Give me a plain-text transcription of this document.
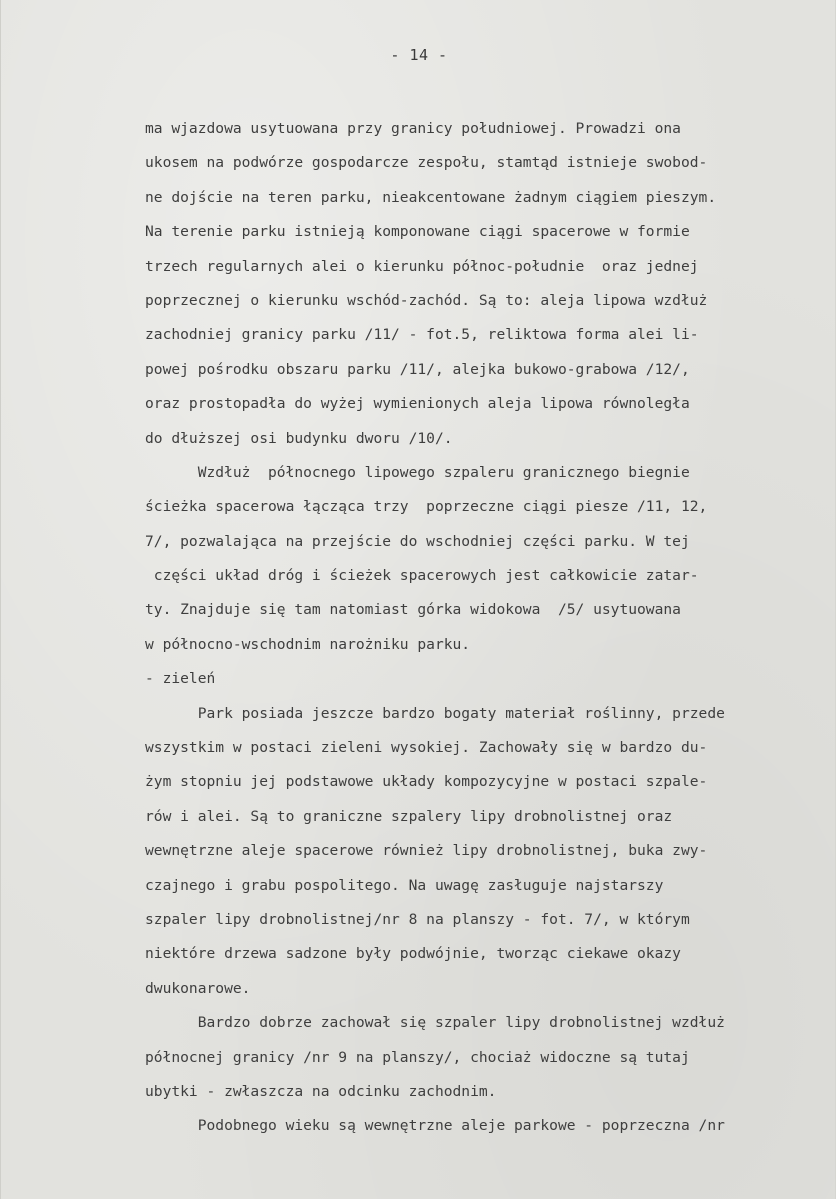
- 14 -
ma wjazdowa usytuowana przy granicy południowej. Prowadzi ona
ukosem na podwórze gospodarcze zespołu, stamtąd istnieje swobod-
ne dojście na teren parku, nieakcentowane żadnym ciągiem pieszym.
Na terenie parku istnieją komponowane ciągi spacerowe w formie
trzech regularnych alei o kierunku północ-południe  oraz jednej
poprzecznej o kierunku wschód-zachód. Są to: aleja lipowa wzdłuż
zachodniej granicy parku /11/ - fot.5, reliktowa forma alei li-
powej pośrodku obszaru parku /11/, alejka bukowo-grabowa /12/,
oraz prostopadła do wyżej wymienionych aleja lipowa równoległa
do dłuższej osi budynku dworu /10/.
Wzdłuż  północnego lipowego szpaleru granicznego biegnie
ścieżka spacerowa łącząca trzy  poprzeczne ciągi piesze /11, 12,
7/, pozwalająca na przejście do wschodniej części parku. W tej
części układ dróg i ścieżek spacerowych jest całkowicie zatar-
ty. Znajduje się tam natomiast górka widokowa  /5/ usytuowana
w północno-wschodnim narożniku parku.
- zieleń
Park posiada jeszcze bardzo bogaty materiał roślinny, przede
wszystkim w postaci zieleni wysokiej. Zachowały się w bardzo du-
żym stopniu jej podstawowe układy kompozycyjne w postaci szpale-
rów i alei. Są to graniczne szpalery lipy drobnolistnej oraz
wewnętrzne aleje spacerowe również lipy drobnolistnej, buka zwy-
czajnego i grabu pospolitego. Na uwagę zasługuje najstarszy
szpaler lipy drobnolistnej/nr 8 na planszy - fot. 7/, w którym
niektóre drzewa sadzone były podwójnie, tworząc ciekawe okazy
dwukonarowe.
Bardzo dobrze zachował się szpaler lipy drobnolistnej wzdłuż
północnej granicy /nr 9 na planszy/, chociaż widoczne są tutaj
ubytki - zwłaszcza na odcinku zachodnim.
Podobnego wieku są wewnętrzne aleje parkowe - poprzeczna /nr
